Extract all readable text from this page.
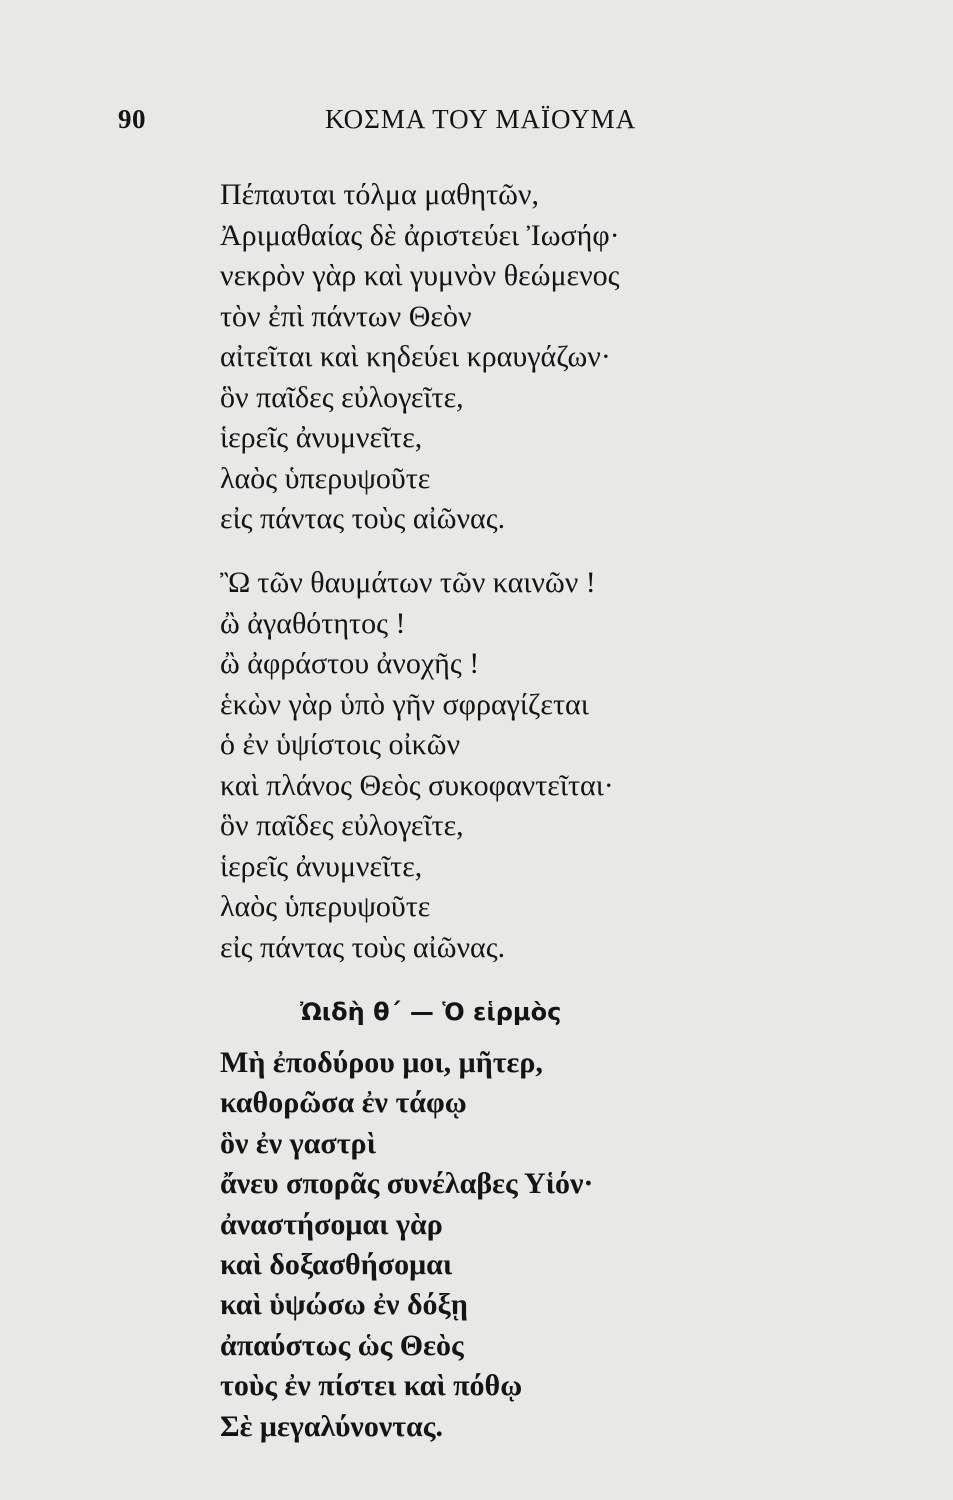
90	ΚΟΣΜΑ ΤΟΥ ΜΑΪΟΥΜΑ
Πέπαυται τόλμα μαθητῶν,
Ἀριμαθαίας δὲ ἀριστεύει Ἰωσήφ·
νεκρὸν γὰρ καὶ γυμνὸν θεώμενος
τὸν ἐπὶ πάντων Θεὸν
αἰτεῖται καὶ κηδεύει κραυγάζων·
ὃν παῖδες εὐλογεῖτε,
ἱερεῖς ἀνυμνεῖτε,
λαὸς ὑπερυψοῦτε
εἰς πάντας τοὺς αἰῶνας.
Ὢ τῶν θαυμάτων τῶν καινῶν !
ὢ ἀγαθότητος !
ὢ ἀφράστου ἀνοχῆς !
ἑκὼν γὰρ ὑπὸ γῆν σφραγίζεται
ὁ ἐν ὑψίστοις οἰκῶν
καὶ πλάνος Θεὸς συκοφαντεῖται·
ὃν παῖδες εὐλογεῖτε,
ἱερεῖς ἀνυμνεῖτε,
λαὸς ὑπερυψοῦτε
εἰς πάντας τοὺς αἰῶνας.
Ὠιδὴ θ´ — Ὁ εἱρμὸς
Μὴ ἐποδύρου μοι, μῆτερ,
καθορῶσα ἐν τάφῳ
ὃν ἐν γαστρὶ
ἄνευ σπορᾶς συνέλαβες Υἱόν·
ἀναστήσομαι γὰρ
καὶ δοξασθήσομαι
καὶ ὑψώσω ἐν δόξῃ
ἀπαύστως ὡς Θεὸς
τοὺς ἐν πίστει καὶ πόθῳ
Σὲ μεγαλύνοντας.
